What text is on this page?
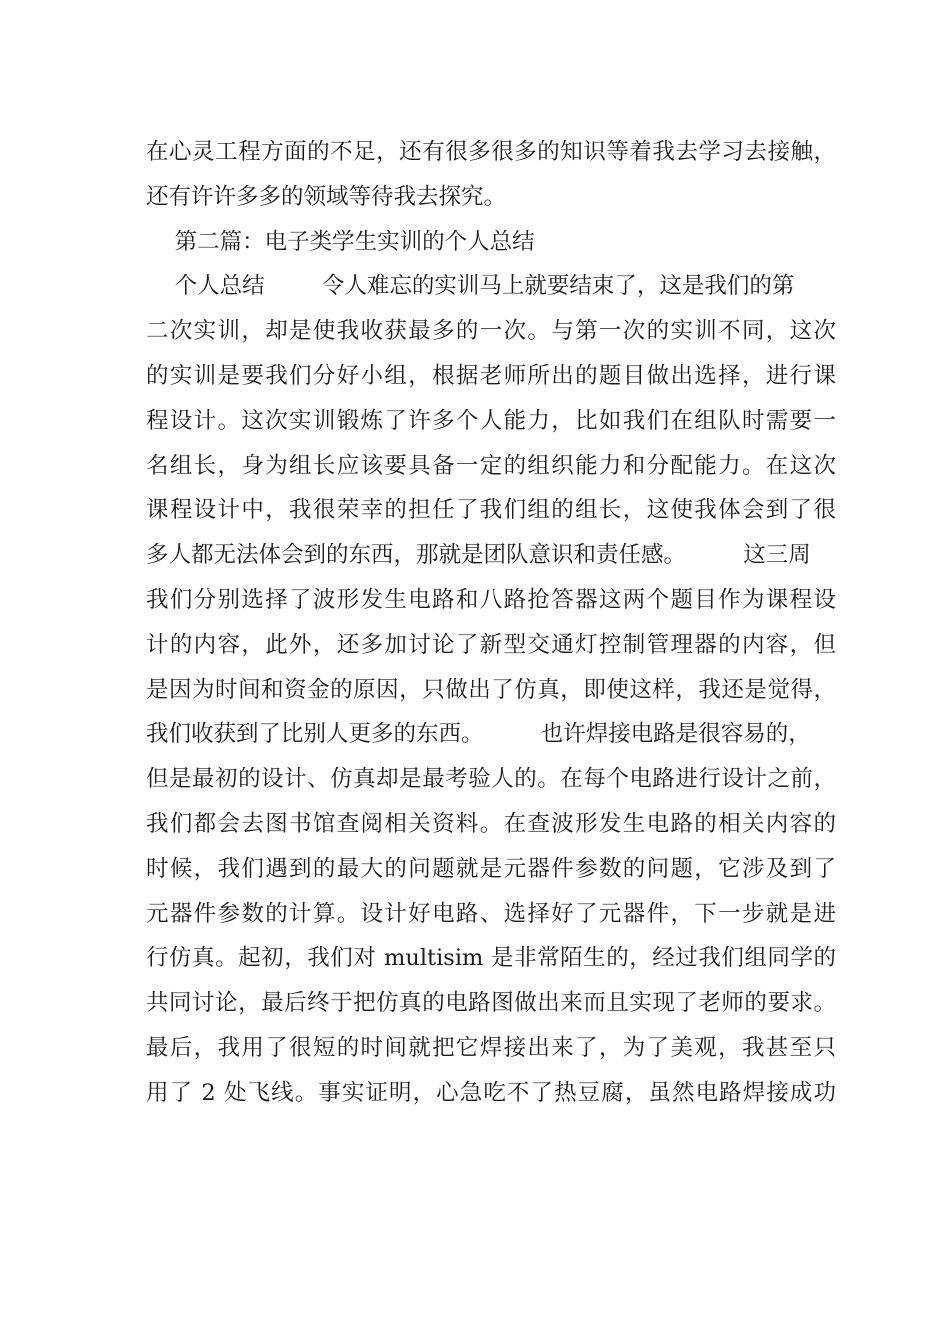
在心灵工程方面的不足，还有很多很多的知识等着我去学习去接触，
还有许许多多的领域等待我去探究。
第二篇：电子类学生实训的个人总结
个人总结        令人难忘的实训马上就要结束了，这是我们的第
二次实训，却是使我收获最多的一次。与第一次的实训不同，这次
的实训是要我们分好小组，根据老师所出的题目做出选择，进行课
程设计。这次实训锻炼了许多个人能力，比如我们在组队时需要一
名组长，身为组长应该要具备一定的组织能力和分配能力。在这次
课程设计中，我很荣幸的担任了我们组的组长，这使我体会到了很
多人都无法体会到的东西，那就是团队意识和责任感。        这三周
我们分别选择了波形发生电路和八路抢答器这两个题目作为课程设
计的内容，此外，还多加讨论了新型交通灯控制管理器的内容，但
是因为时间和资金的原因，只做出了仿真，即使这样，我还是觉得，
我们收获到了比别人更多的东西。        也许焊接电路是很容易的，
但是最初的设计、仿真却是最考验人的。在每个电路进行设计之前，
我们都会去图书馆查阅相关资料。在查波形发生电路的相关内容的
时候，我们遇到的最大的问题就是元器件参数的问题，它涉及到了
元器件参数的计算。设计好电路、选择好了元器件，下一步就是进
行仿真。起初，我们对 multisim 是非常陌生的，经过我们组同学的
共同讨论，最后终于把仿真的电路图做出来而且实现了老师的要求。
最后，我用了很短的时间就把它焊接出来了，为了美观，我甚至只
用了 2 处飞线。事实证明，心急吃不了热豆腐，虽然电路焊接成功
